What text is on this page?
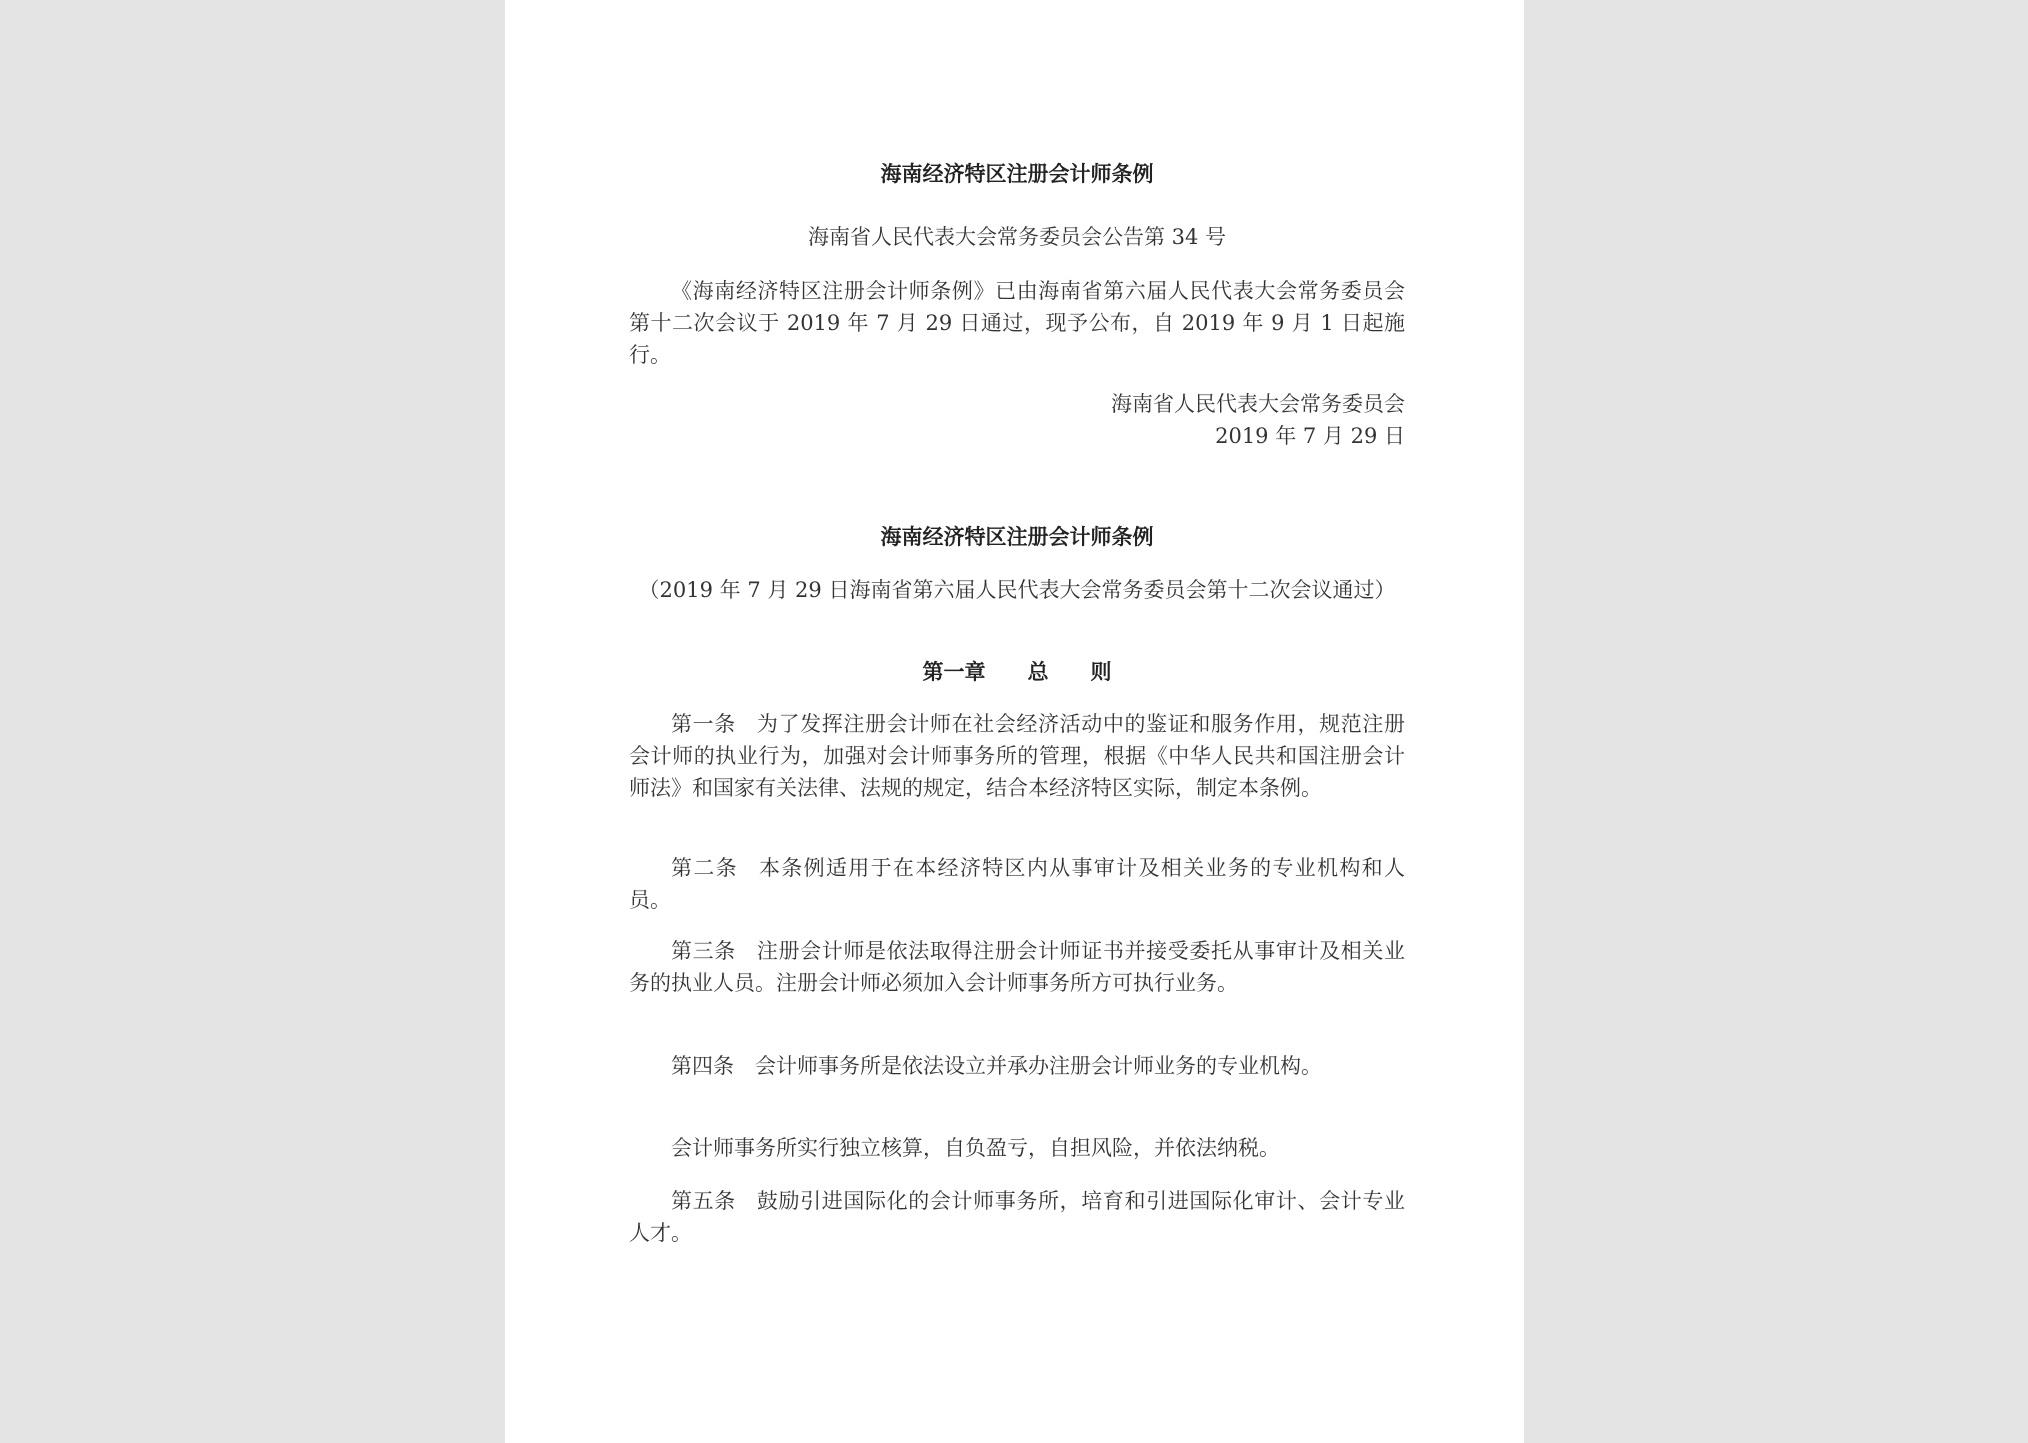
海南经济特区注册会计师条例
海南省人民代表大会常务委员会公告第 34 号
《海南经济特区注册会计师条例》已由海南省第六届人民代表大会常务委员会第十二次会议于 2019 年 7 月 29 日通过，现予公布，自 2019 年 9 月 1 日起施行。
海南省人民代表大会常务委员会
2019 年 7 月 29 日
海南经济特区注册会计师条例
（2019 年 7 月 29 日海南省第六届人民代表大会常务委员会第十二次会议通过）
第一章　　总　　则

第一条 为了发挥注册会计师在社会经济活动中的鉴证和服务作用，规范注册会计师的执业行为，加强对会计师事务所的管理，根据《中华人民共和国注册会计师法》和国家有关法律、法规的规定，结合本经济特区实际，制定本条例。

第二条 本条例适用于在本经济特区内从事审计及相关业务的专业机构和人员。

第三条 注册会计师是依法取得注册会计师证书并接受委托从事审计及相关业务的执业人员。注册会计师必须加入会计师事务所方可执行业务。

第四条 会计师事务所是依法设立并承办注册会计师业务的专业机构。

会计师事务所实行独立核算，自负盈亏，自担风险，并依法纳税。

第五条 鼓励引进国际化的会计师事务所，培育和引进国际化审计、会计专业人才。
